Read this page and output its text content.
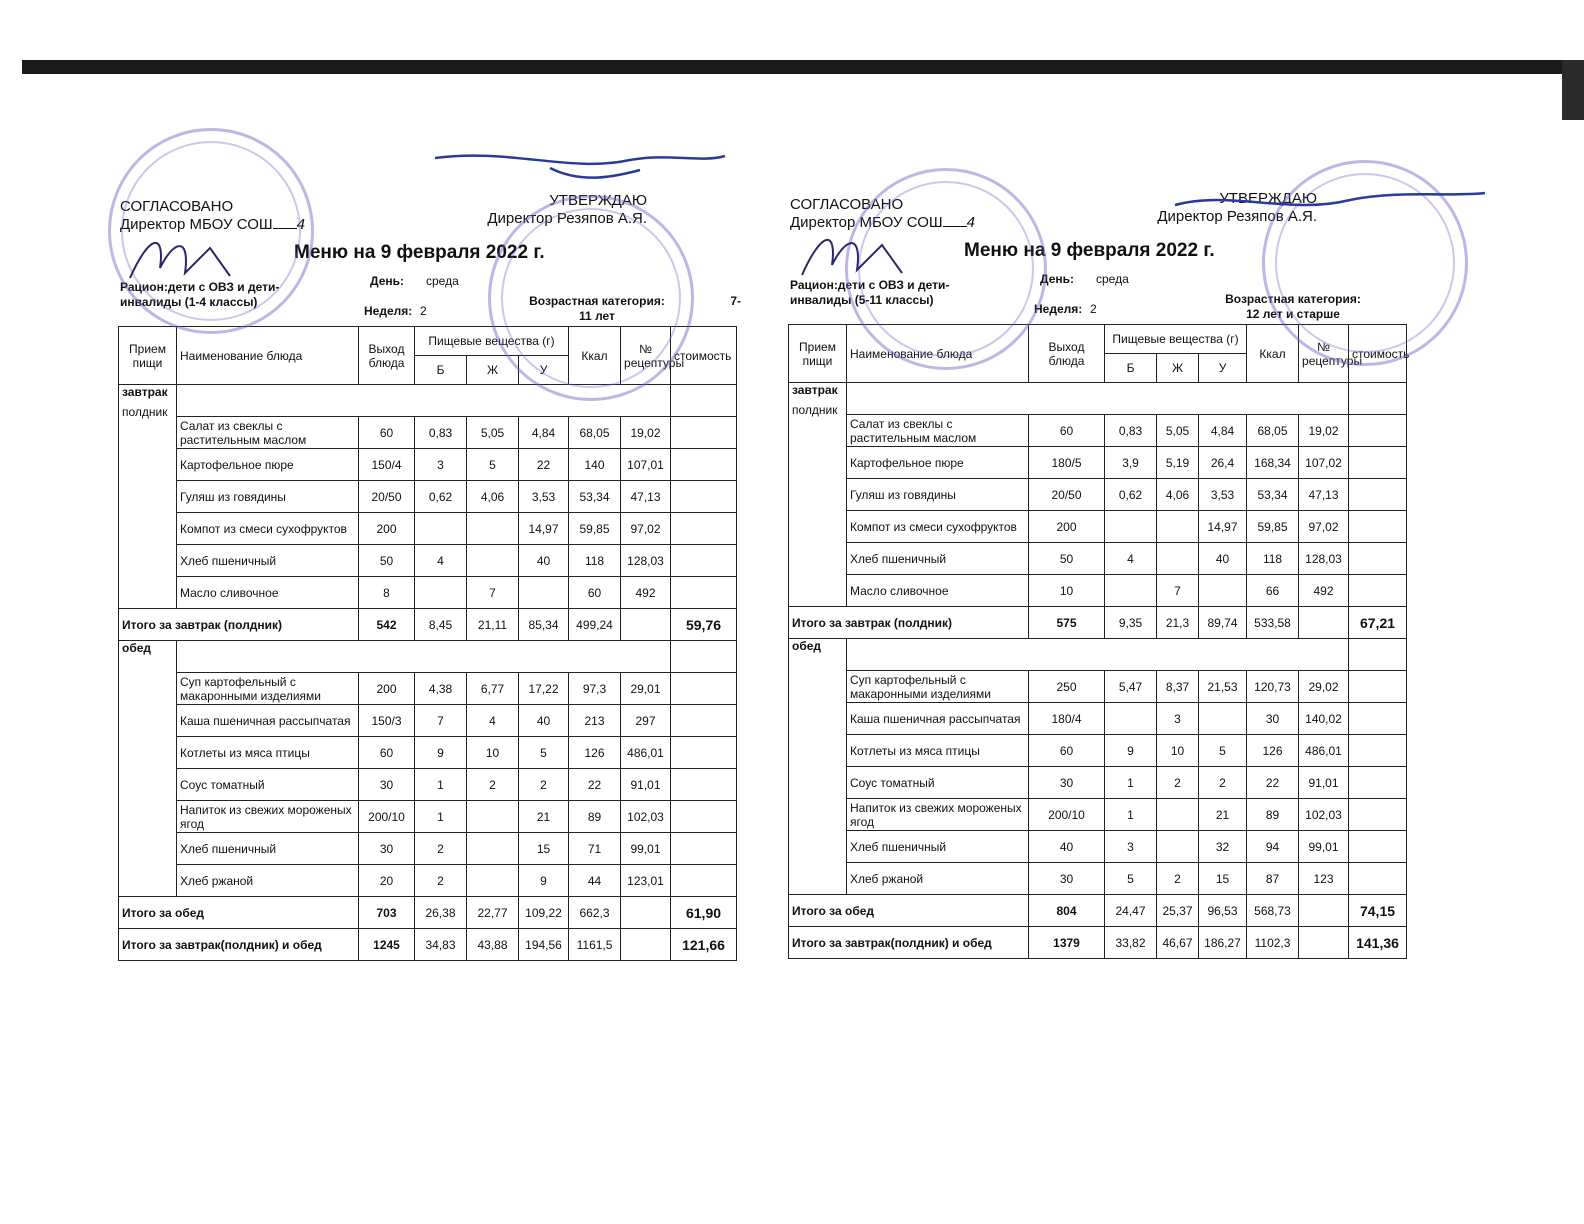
СОГЛАСОВАНО
Директор МБОУ СОШ 4
УТВЕРЖДАЮ
Директор Резяпов А.Я.
Меню на 9 февраля 2022 г.
Рацион:дети с ОВЗ и дети-
инвалиды (1-4 классы)
День: среда
Неделя: 2
Возрастная категория:
11 лет
7-
Прием пищи	Наименование блюда	Выход блюда	Пищевые вещества (г)			Ккал	№ рецептуры	стоимость
			Б	Ж	У			
завтрак
полдник								

	Салат из свеклы с растительным маслом	60	0,83	5,05	4,84	68,05	19,02	
	Картофельное пюре	150/4	3	5	22	140	107,01	
	Гуляш из говядины	20/50	0,62	4,06	3,53	53,34	47,13	
	Компот из смеси сухофруктов	200			14,97	59,85	97,02	
	Хлеб пшеничный	50	4		40	118	128,03	
	Масло сливочное	8		7		60	492	
Итого за завтрак (полдник)		542	8,45	21,11	85,34	499,24		59,76
обед								
	Суп картофельный с макаронными изделиями	200	4,38	6,77	17,22	97,3	29,01	
	Каша пшеничная рассыпчатая	150/3	7	4	40	213	297	
	Котлеты из мяса птицы	60	9	10	5	126	486,01	
	Соус томатный	30	1	2	2	22	91,01	
	Напиток из свежих мороженых ягод	200/10	1		21	89	102,03	
	Хлеб пшеничный	30	2		15	71	99,01	
	Хлеб ржаной	20	2		9	44	123,01	
Итого за обед		703	26,38	22,77	109,22	662,3		61,90
Итого за завтрак(полдник) и обед		1245	34,83	43,88	194,56	1161,5		121,66
СОГЛАСОВАНО
Директор МБОУ СОШ 4
УТВЕРЖДАЮ
Директор Резяпов А.Я.
Меню на 9 февраля 2022 г.
Рацион:дети с ОВЗ и дети-
инвалиды (5-11 классы)
День: среда
Неделя: 2
Возрастная категория:
12 лет и старше
Прием пищи	Наименование блюда	Выход блюда	Пищевые вещества (г)			Ккал	№ рецептуры	стоимость
			Б	Ж	У			
завтрак
полдник								

	Салат из свеклы с растительным маслом	60	0,83	5,05	4,84	68,05	19,02	
	Картофельное пюре	180/5	3,9	5,19	26,4	168,34	107,02	
	Гуляш из говядины	20/50	0,62	4,06	3,53	53,34	47,13	
	Компот из смеси сухофруктов	200			14,97	59,85	97,02	
	Хлеб пшеничный	50	4		40	118	128,03	
	Масло сливочное	10		7		66	492	
Итого за завтрак (полдник)		575	9,35	21,3	89,74	533,58		67,21
обед								
	Суп картофельный с макаронными изделиями	250	5,47	8,37	21,53	120,73	29,02	
	Каша пшеничная рассыпчатая	180/4		3		30	140,02	
	Котлеты из мяса птицы	60	9	10	5	126	486,01	
	Соус томатный	30	1	2	2	22	91,01	
	Напиток из свежих мороженых ягод	200/10	1		21	89	102,03	
	Хлеб пшеничный	40	3		32	94	99,01	
	Хлеб ржаной	30	5	2	15	87	123	
Итого за обед		804	24,47	25,37	96,53	568,73		74,15
Итого за завтрак(полдник) и обед		1379	33,82	46,67	186,27	1102,3		141,36
